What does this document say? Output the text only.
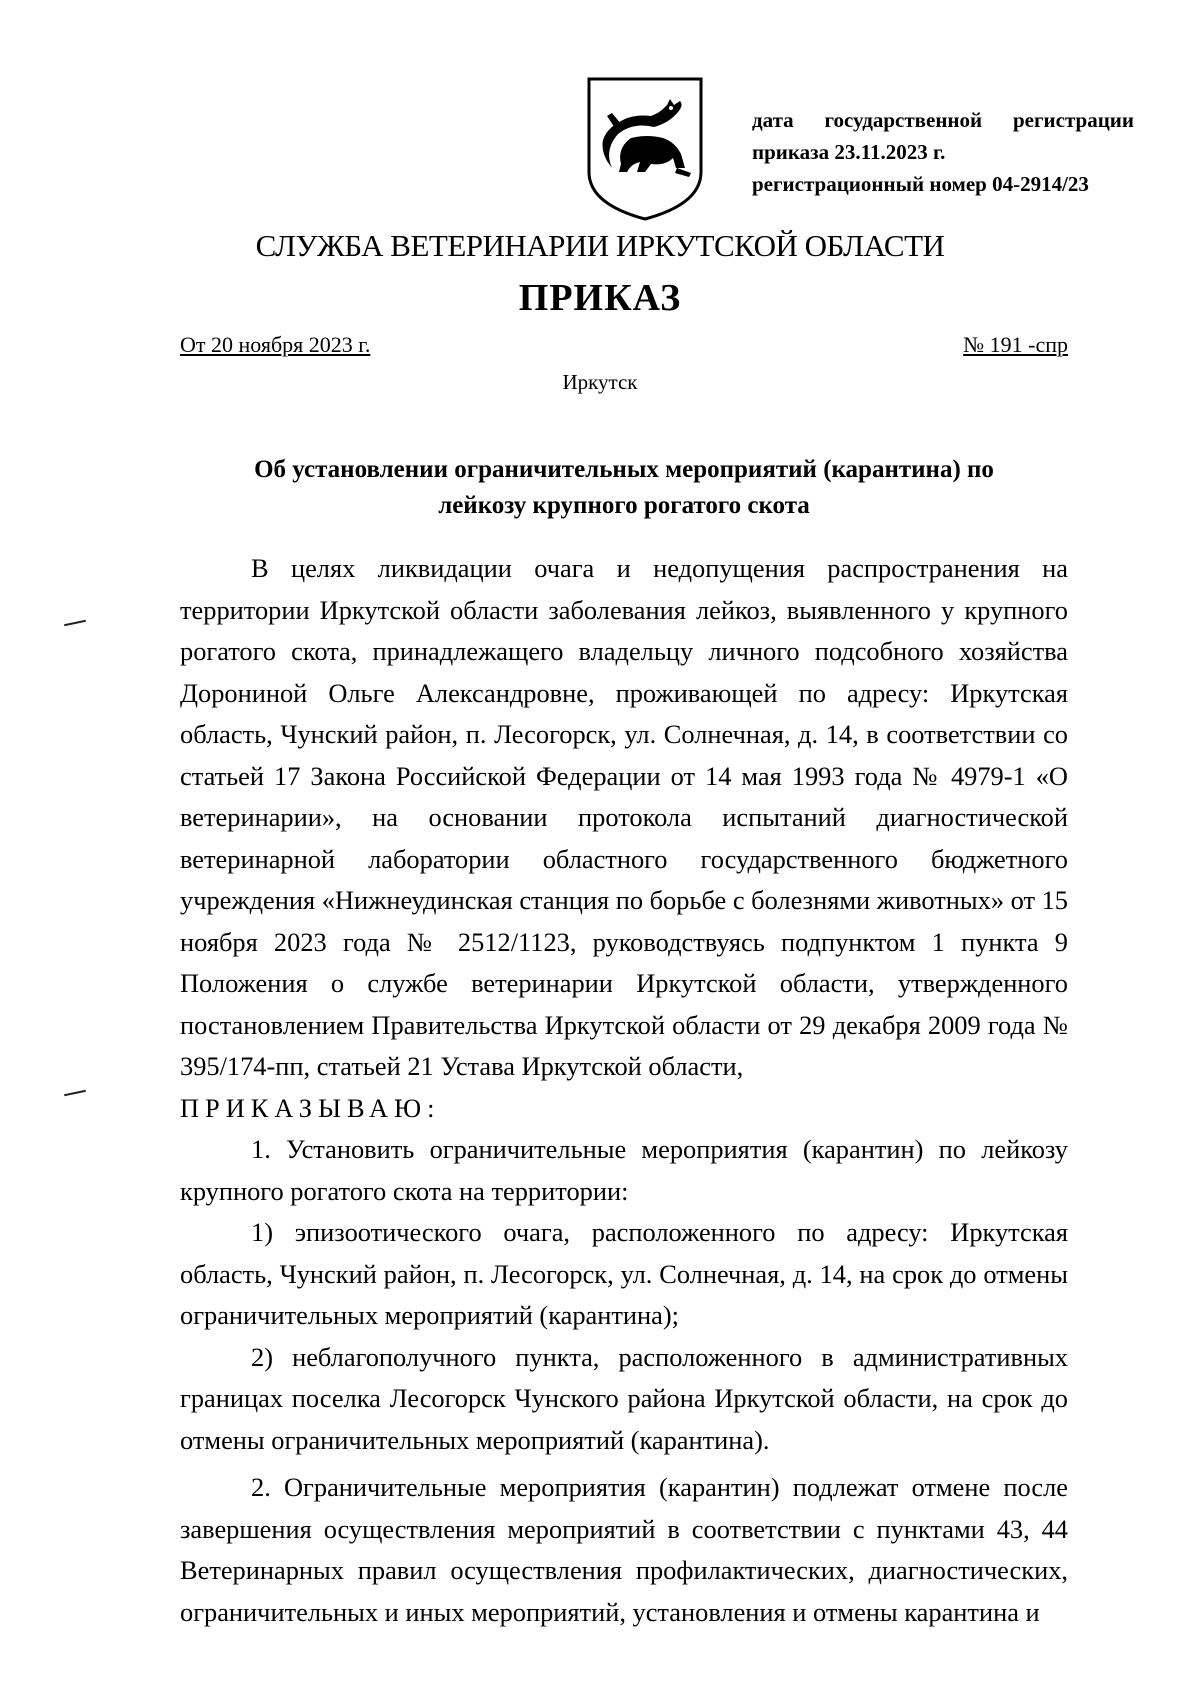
дата государственной регистрации
приказа 23.11.2023 г.
регистрационный номер 04-2914/23
СЛУЖБА ВЕТЕРИНАРИИ ИРКУТСКОЙ ОБЛАСТИ
ПРИКАЗ
От 20 ноября 2023 г.	№ 191 -спр
Иркутск
Об установлении ограничительных мероприятий (карантина) по
лейкозу крупного рогатого скота

В целях ликвидации очага и недопущения распространения на территории Иркутской области заболевания лейкоз, выявленного у крупного рогатого скота, принадлежащего владельцу личного подсобного хозяйства Дорониной Ольге Александровне, проживающей по адресу: Иркутская область, Чунский район, п. Лесогорск, ул. Солнечная, д. 14, в соответствии со статьей 17 Закона Российской Федерации от 14 мая 1993 года № 4979-1 «О ветеринарии», на основании протокола испытаний диагностической ветеринарной лаборатории областного государственного бюджетного учреждения «Нижнеудинская станция по борьбе с болезнями животных» от 15 ноября 2023 года № 2512/1123, руководствуясь подпунктом 1 пункта 9 Положения о службе ветеринарии Иркутской области, утвержденного постановлением Правительства Иркутской области от 29 декабря 2009 года № 395/174-пп, статьей 21 Устава Иркутской области,

ПРИКАЗЫВАЮ:

1. Установить ограничительные мероприятия (карантин) по лейкозу крупного рогатого скота на территории:

1) эпизоотического очага, расположенного по адресу: Иркутская область, Чунский район, п. Лесогорск, ул. Солнечная, д. 14, на срок до отмены ограничительных мероприятий (карантина);

2) неблагополучного пункта, расположенного в административных границах поселка Лесогорск Чунского района Иркутской области, на срок до отмены ограничительных мероприятий (карантина).

2. Ограничительные мероприятия (карантин) подлежат отмене после завершения осуществления мероприятий в соответствии с пунктами 43, 44 Ветеринарных правил осуществления профилактических, диагностических, ограничительных и иных мероприятий, установления и отмены карантина и
